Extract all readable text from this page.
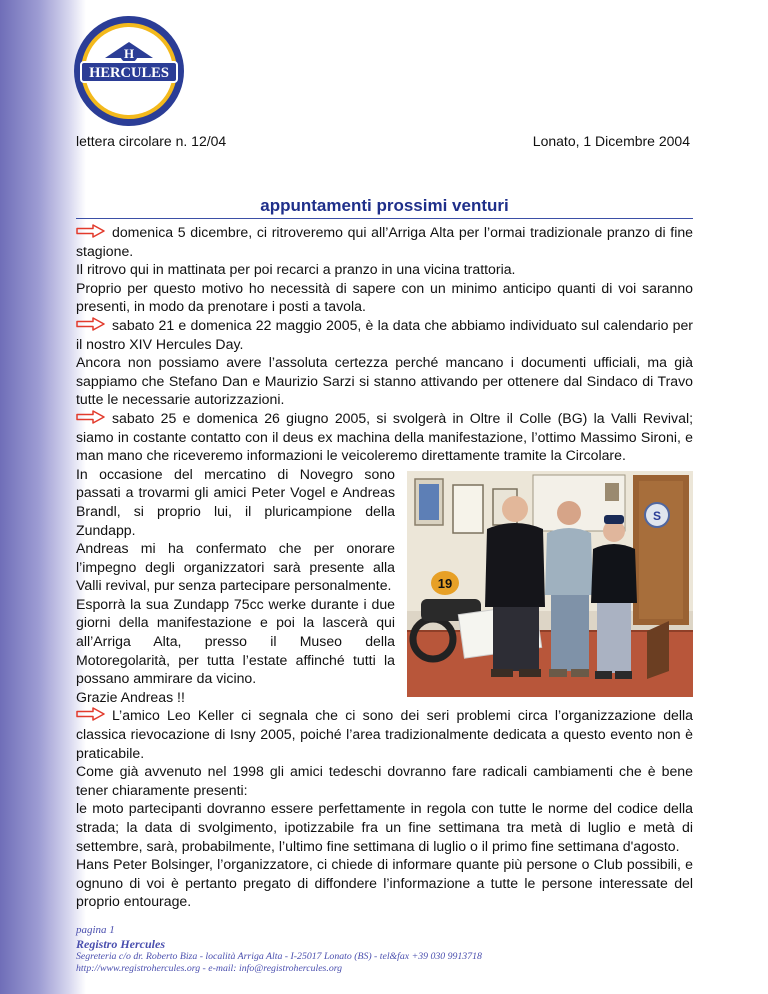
H
HERCULES
lettera circolare n. 12/04	Lonato, 1 Dicembre 2004
appuntamenti prossimi venturi

domenica 5 dicembre, ci ritroveremo qui all’Arriga Alta per l’ormai tradizionale pranzo di fine stagione.

Il ritrovo qui in mattinata per poi recarci a pranzo in una vicina trattoria.

Proprio per questo motivo ho necessità di sapere con un minimo anticipo quanti di voi saranno presenti, in modo da prenotare i posti a tavola.

sabato 21 e domenica 22 maggio 2005, è la data che abbiamo individuato sul calendario per il nostro XIV Hercules Day.

Ancora non possiamo avere l’assoluta certezza perché mancano i documenti ufficiali, ma già sappiamo che Stefano Dan e Maurizio Sarzi si stanno attivando per ottenere dal Sindaco di Travo tutte le necessarie autorizzazioni.

sabato 25 e domenica 26 giugno 2005, si svolgerà in Oltre il Colle (BG) la Valli Revival; siamo in costante contatto con il deus ex machina della manifestazione, l’ottimo Massimo Sironi, e man mano che riceveremo informazioni le veicoleremo direttamente tramite la Circolare.

S
19

In occasione del mercatino di Novegro sono passati a trovarmi gli amici Peter Vogel e Andreas Brandl, si proprio lui, il pluricampione della Zundapp.

Andreas mi ha confermato che per onorare l’impegno degli organizzatori sarà presente alla Valli revival, pur senza partecipare personalmente.

Esporrà la sua Zundapp 75cc werke durante i due giorni della manifestazione e poi la lascerà qui all’Arriga Alta, presso il Museo della Motoregolarità, per tutta l’estate affinché tutti la possano ammirare da vicino.

Grazie Andreas !!

L’amico Leo Keller ci segnala che ci sono dei seri problemi circa l’organizzazione della classica rievocazione di Isny 2005, poiché l’area tradizionalmente dedicata a questo evento non è praticabile.

Come già avvenuto nel 1998 gli amici tedeschi dovranno fare radicali cambiamenti che è bene tener chiaramente presenti:

le moto partecipanti dovranno essere perfettamente in regola con tutte le norme del codice della strada; la data di svolgimento, ipotizzabile fra un fine settimana tra metà di luglio e metà di settembre, sarà, probabilmente, l’ultimo fine settimana di luglio o il primo fine settimana d'agosto.

Hans Peter Bolsinger, l’organizzatore, ci chiede di informare quante più persone o Club possibili, e ognuno di voi è pertanto pregato di diffondere l’informazione a tutte le persone interessate del proprio entourage.

pagina 1
Registro Hercules
Segreteria c/o dr. Roberto Biza - località Arriga Alta - I-25017 Lonato (BS) - tel&fax +39 030 9913718
http://www.registrohercules.org - e-mail: info@registrohercules.org
